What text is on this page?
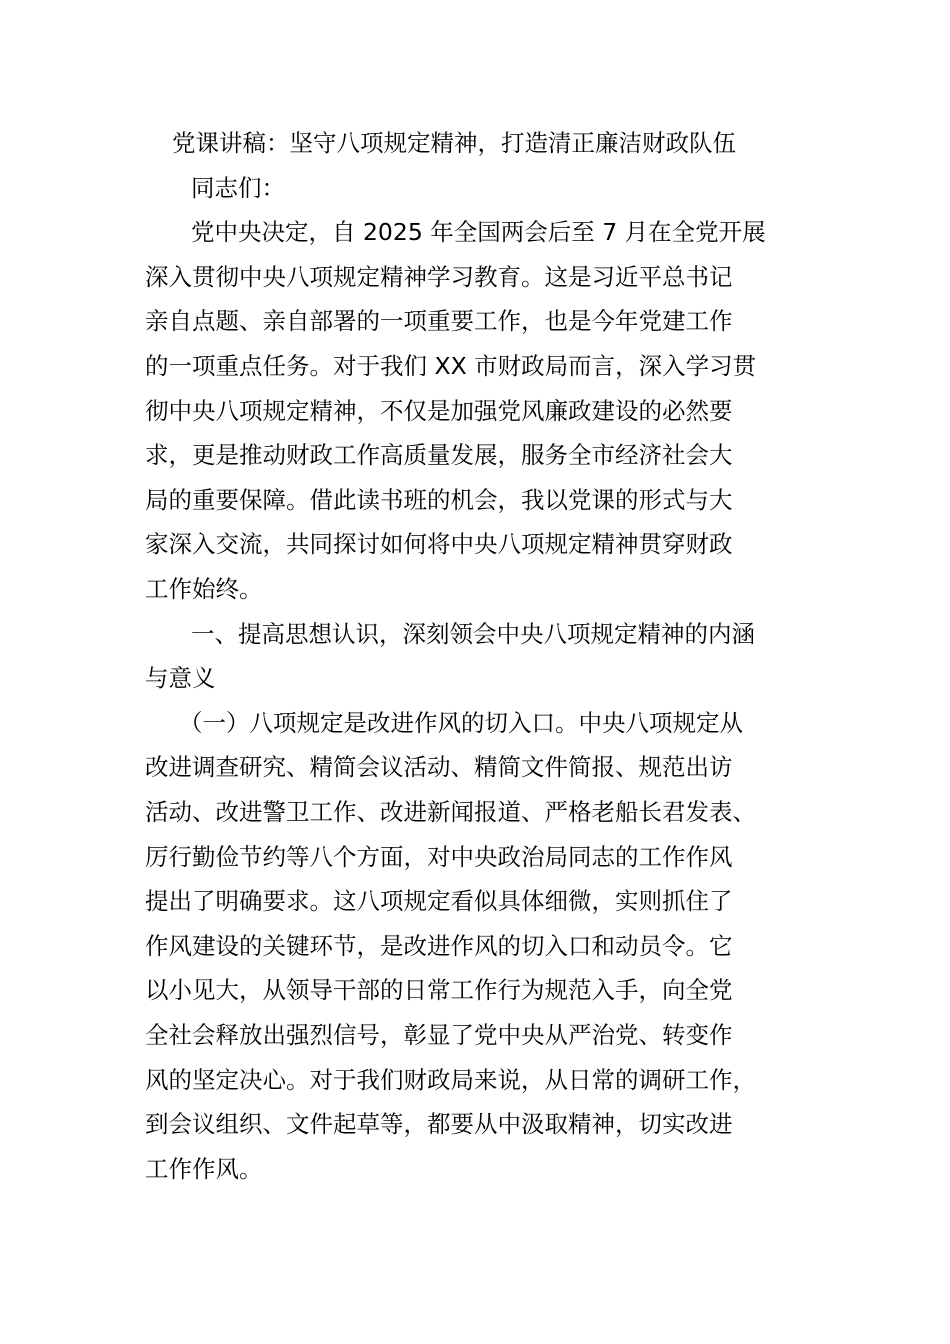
党课讲稿：坚守八项规定精神，打造清正廉洁财政队伍
同志们：
党中央决定，自 2025 年全国两会后至 7 月在全党开展
深入贯彻中央八项规定精神学习教育。这是习近平总书记
亲自点题、亲自部署的一项重要工作，也是今年党建工作
的一项重点任务。对于我们 XX 市财政局而言，深入学习贯
彻中央八项规定精神，不仅是加强党风廉政建设的必然要
求，更是推动财政工作高质量发展，服务全市经济社会大
局的重要保障。借此读书班的机会，我以党课的形式与大
家深入交流，共同探讨如何将中央八项规定精神贯穿财政
工作始终。
一、提高思想认识，深刻领会中央八项规定精神的内涵
与意义
（一）八项规定是改进作风的切入口。中央八项规定从
改进调查研究、精简会议活动、精简文件简报、规范出访
活动、改进警卫工作、改进新闻报道、严格老船长君发表、
厉行勤俭节约等八个方面，对中央政治局同志的工作作风
提出了明确要求。这八项规定看似具体细微，实则抓住了
作风建设的关键环节，是改进作风的切入口和动员令。它
以小见大，从领导干部的日常工作行为规范入手，向全党
全社会释放出强烈信号，彰显了党中央从严治党、转变作
风的坚定决心。对于我们财政局来说，从日常的调研工作，
到会议组织、文件起草等，都要从中汲取精神，切实改进
工作作风。
